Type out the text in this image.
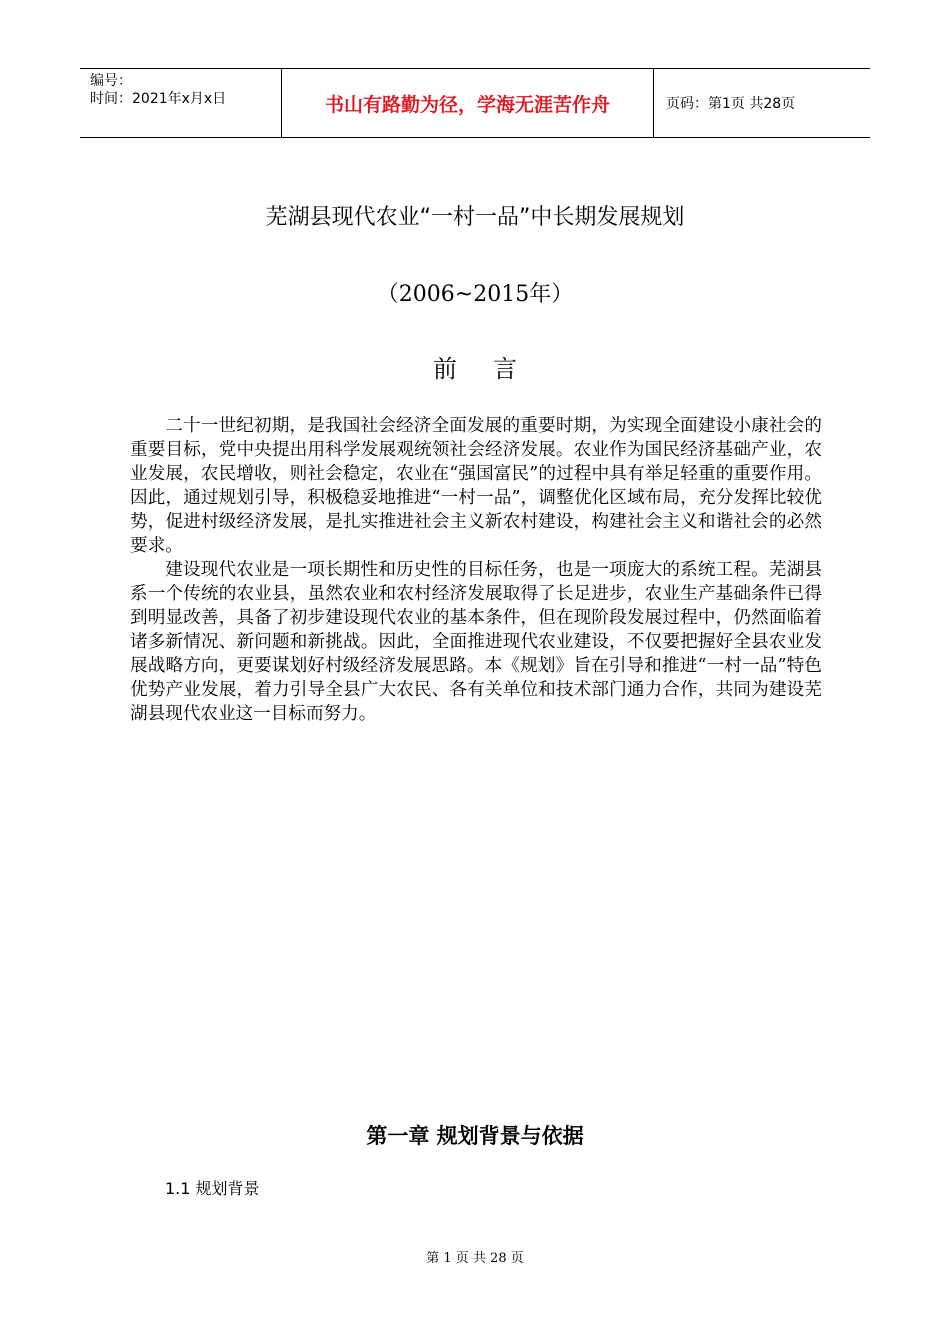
编号：
时间：2021年x月x日	书山有路勤为径，学海无涯苦作舟	页码：第1页 共28页
芜湖县现代农业“一村一品”中长期发展规划
（2006~2015年）
前言

二十一世纪初期，是我国社会经济全面发展的重要时期，为实现全面建设小康社会的重要目标，党中央提出用科学发展观统领社会经济发展。农业作为国民经济基础产业，农业发展，农民增收，则社会稳定，农业在“强国富民”的过程中具有举足轻重的重要作用。因此，通过规划引导，积极稳妥地推进“一村一品”，调整优化区域布局，充分发挥比较优势，促进村级经济发展，是扎实推进社会主义新农村建设，构建社会主义和谐社会的必然要求。

建设现代农业是一项长期性和历史性的目标任务，也是一项庞大的系统工程。芜湖县系一个传统的农业县，虽然农业和农村经济发展取得了长足进步，农业生产基础条件已得到明显改善，具备了初步建设现代农业的基本条件，但在现阶段发展过程中，仍然面临着诸多新情况、新问题和新挑战。因此，全面推进现代农业建设，不仅要把握好全县农业发展战略方向，更要谋划好村级经济发展思路。本《规划》旨在引导和推进“一村一品”特色优势产业发展，着力引导全县广大农民、各有关单位和技术部门通力合作，共同为建设芜湖县现代农业这一目标而努力。

第一章 规划背景与依据
1.1 规划背景
第 1 页 共 28 页
